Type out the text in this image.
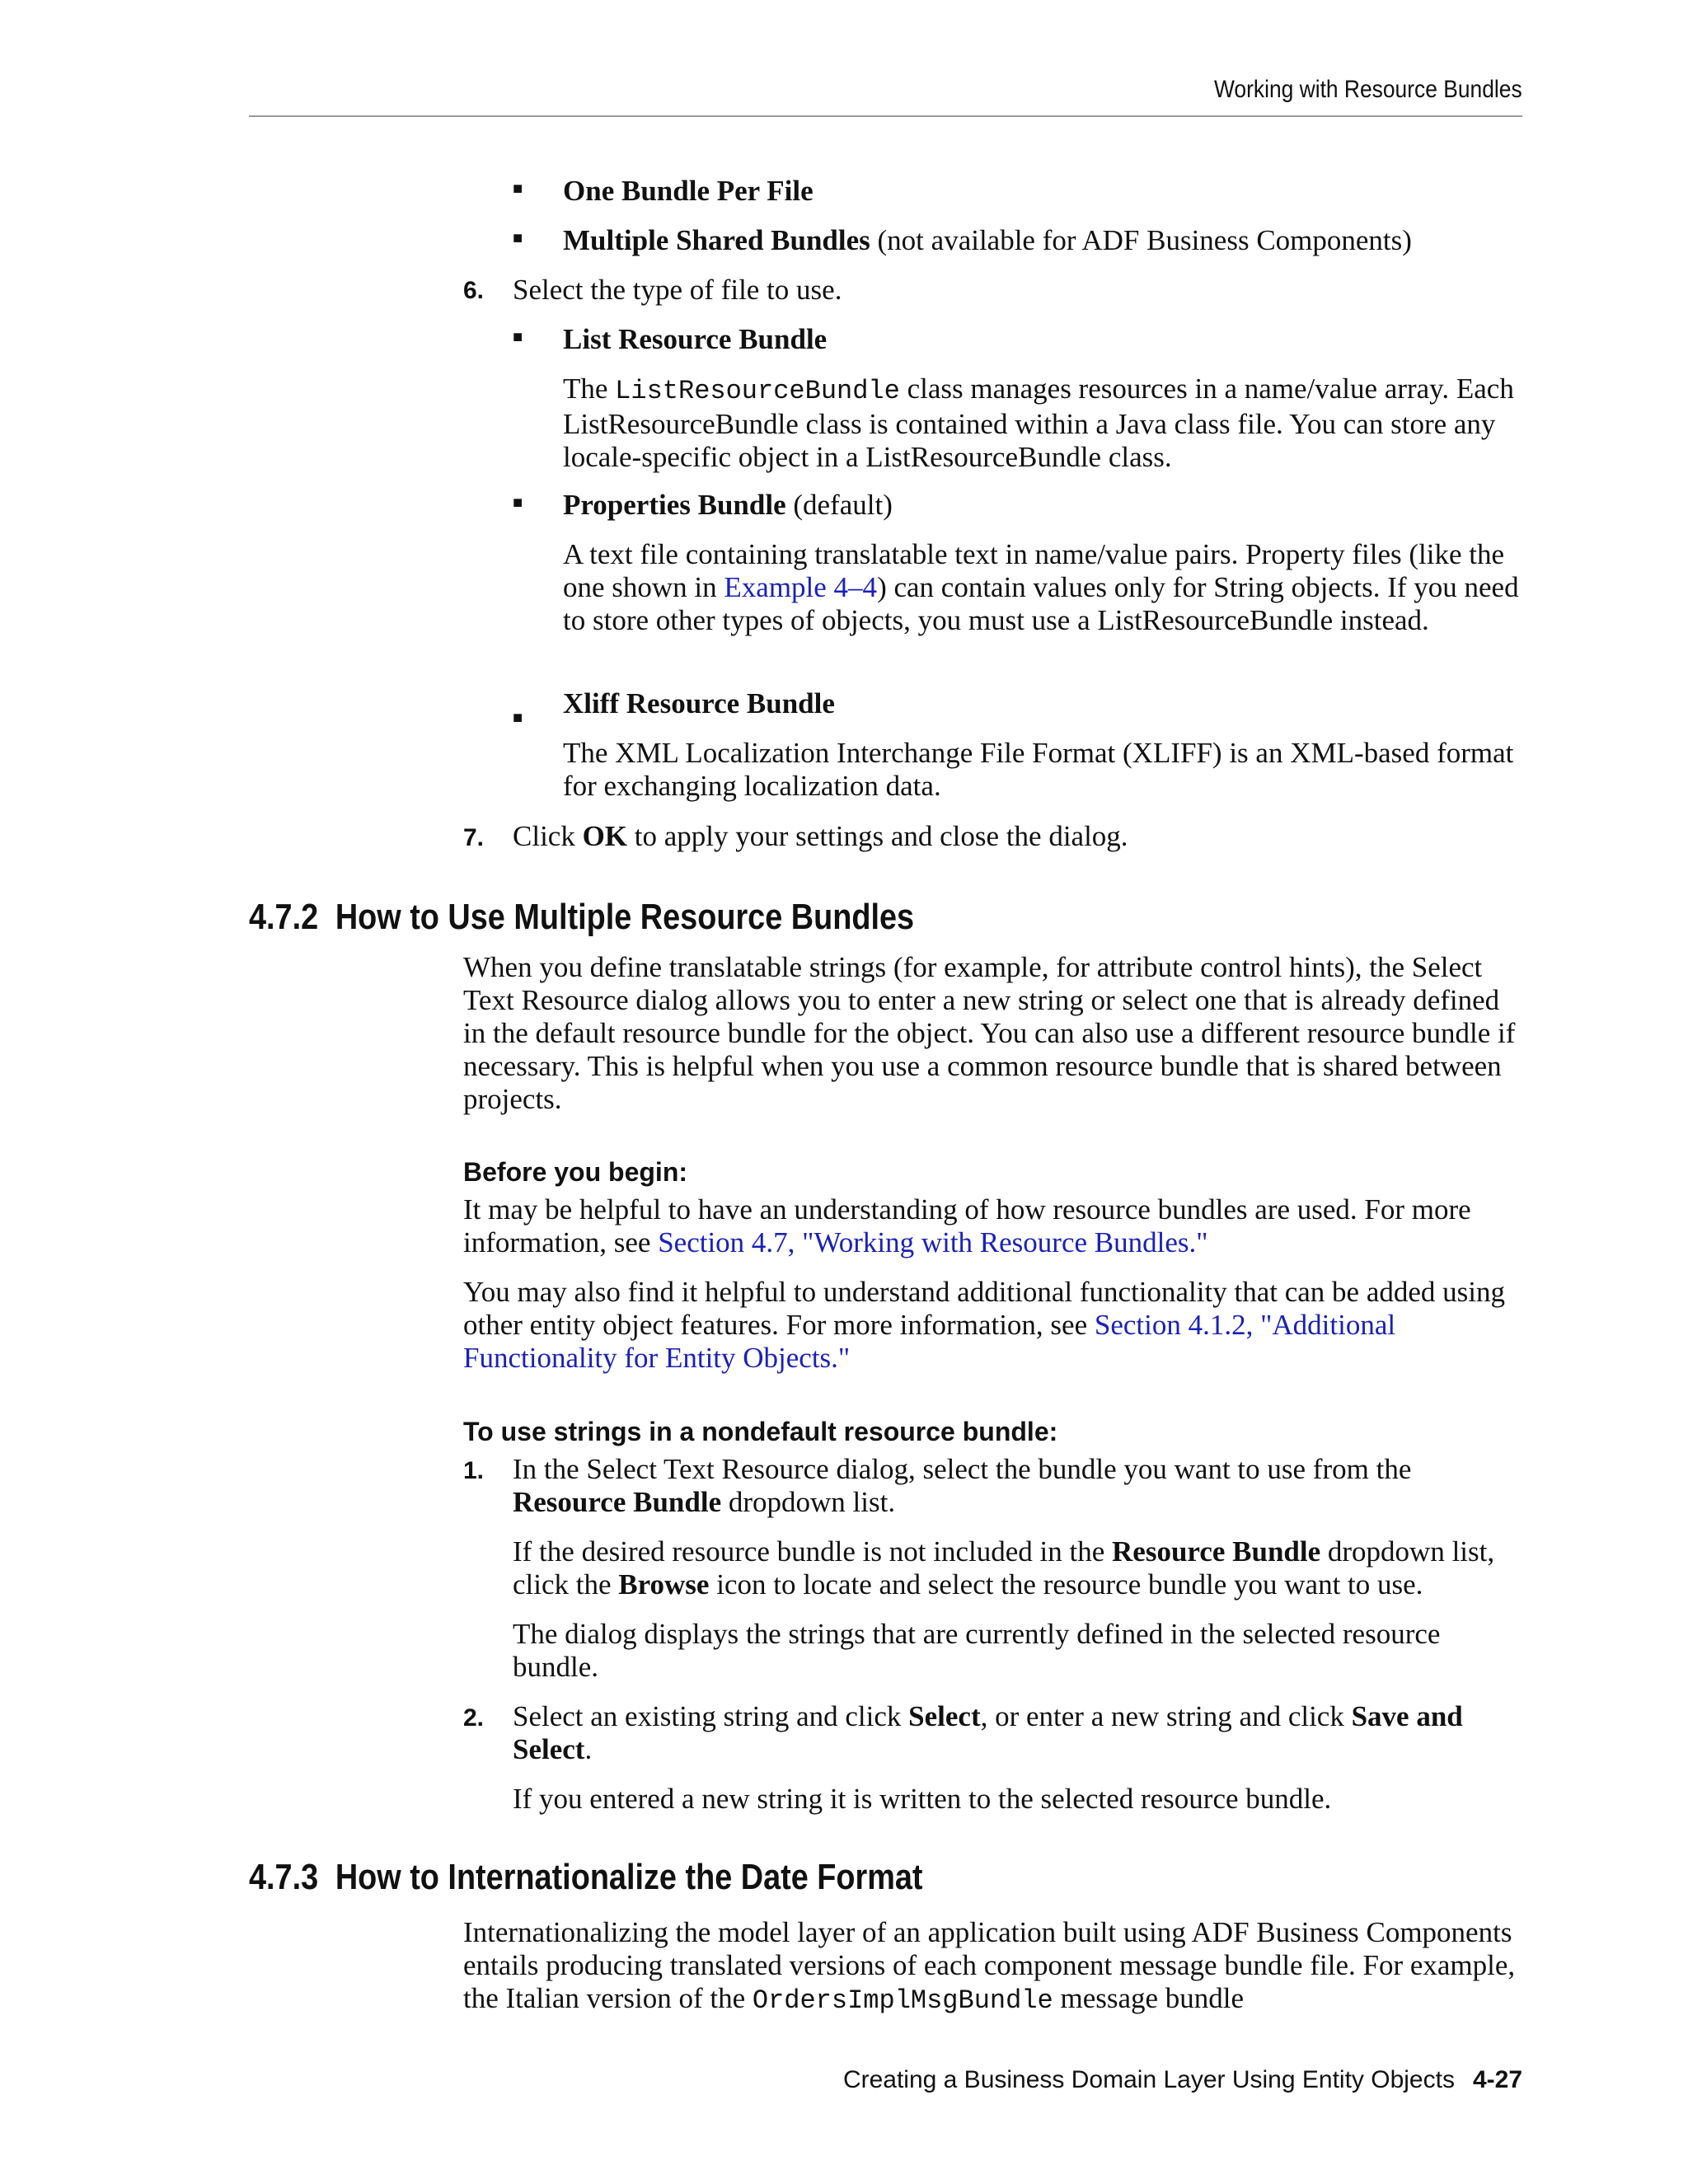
Working with Resource Bundles
■ One Bundle Per File

■ Multiple Shared Bundles (not available for ADF Business Components)

6. Select the type of file to use.

■ List Resource Bundle

The ListResourceBundle class manages resources in a name/value array. Each ListResourceBundle class is contained within a Java class file. You can store any locale-specific object in a ListResourceBundle class.

■ Properties Bundle (default)

A text file containing translatable text in name/value pairs. Property files (like the one shown in Example 4–4) can contain values only for String objects. If you need to store other types of objects, you must use a ListResourceBundle instead.

■ Xliff Resource Bundle

The XML Localization Interchange File Format (XLIFF) is an XML-based format for exchanging localization data.

7. Click OK to apply your settings and close the dialog.

4.7.2 How to Use Multiple Resource Bundles

When you define translatable strings (for example, for attribute control hints), the Select Text Resource dialog allows you to enter a new string or select one that is already defined in the default resource bundle for the object. You can also use a different resource bundle if necessary. This is helpful when you use a common resource bundle that is shared between projects.

Before you begin:

It may be helpful to have an understanding of how resource bundles are used. For more information, see Section 4.7, "Working with Resource Bundles."

You may also find it helpful to understand additional functionality that can be added using other entity object features. For more information, see Section 4.1.2, "Additional Functionality for Entity Objects."

To use strings in a nondefault resource bundle:
1. In the Select Text Resource dialog, select the bundle you want to use from the Resource Bundle dropdown list.

If the desired resource bundle is not included in the Resource Bundle dropdown list, click the Browse icon to locate and select the resource bundle you want to use.

The dialog displays the strings that are currently defined in the selected resource bundle.

2. Select an existing string and click Select, or enter a new string and click Save and Select.

If you entered a new string it is written to the selected resource bundle.

4.7.3 How to Internationalize the Date Format

Internationalizing the model layer of an application built using ADF Business Components entails producing translated versions of each component message bundle file. For example, the Italian version of the OrdersImplMsgBundle message bundle

Creating a Business Domain Layer Using Entity Objects 4-27
